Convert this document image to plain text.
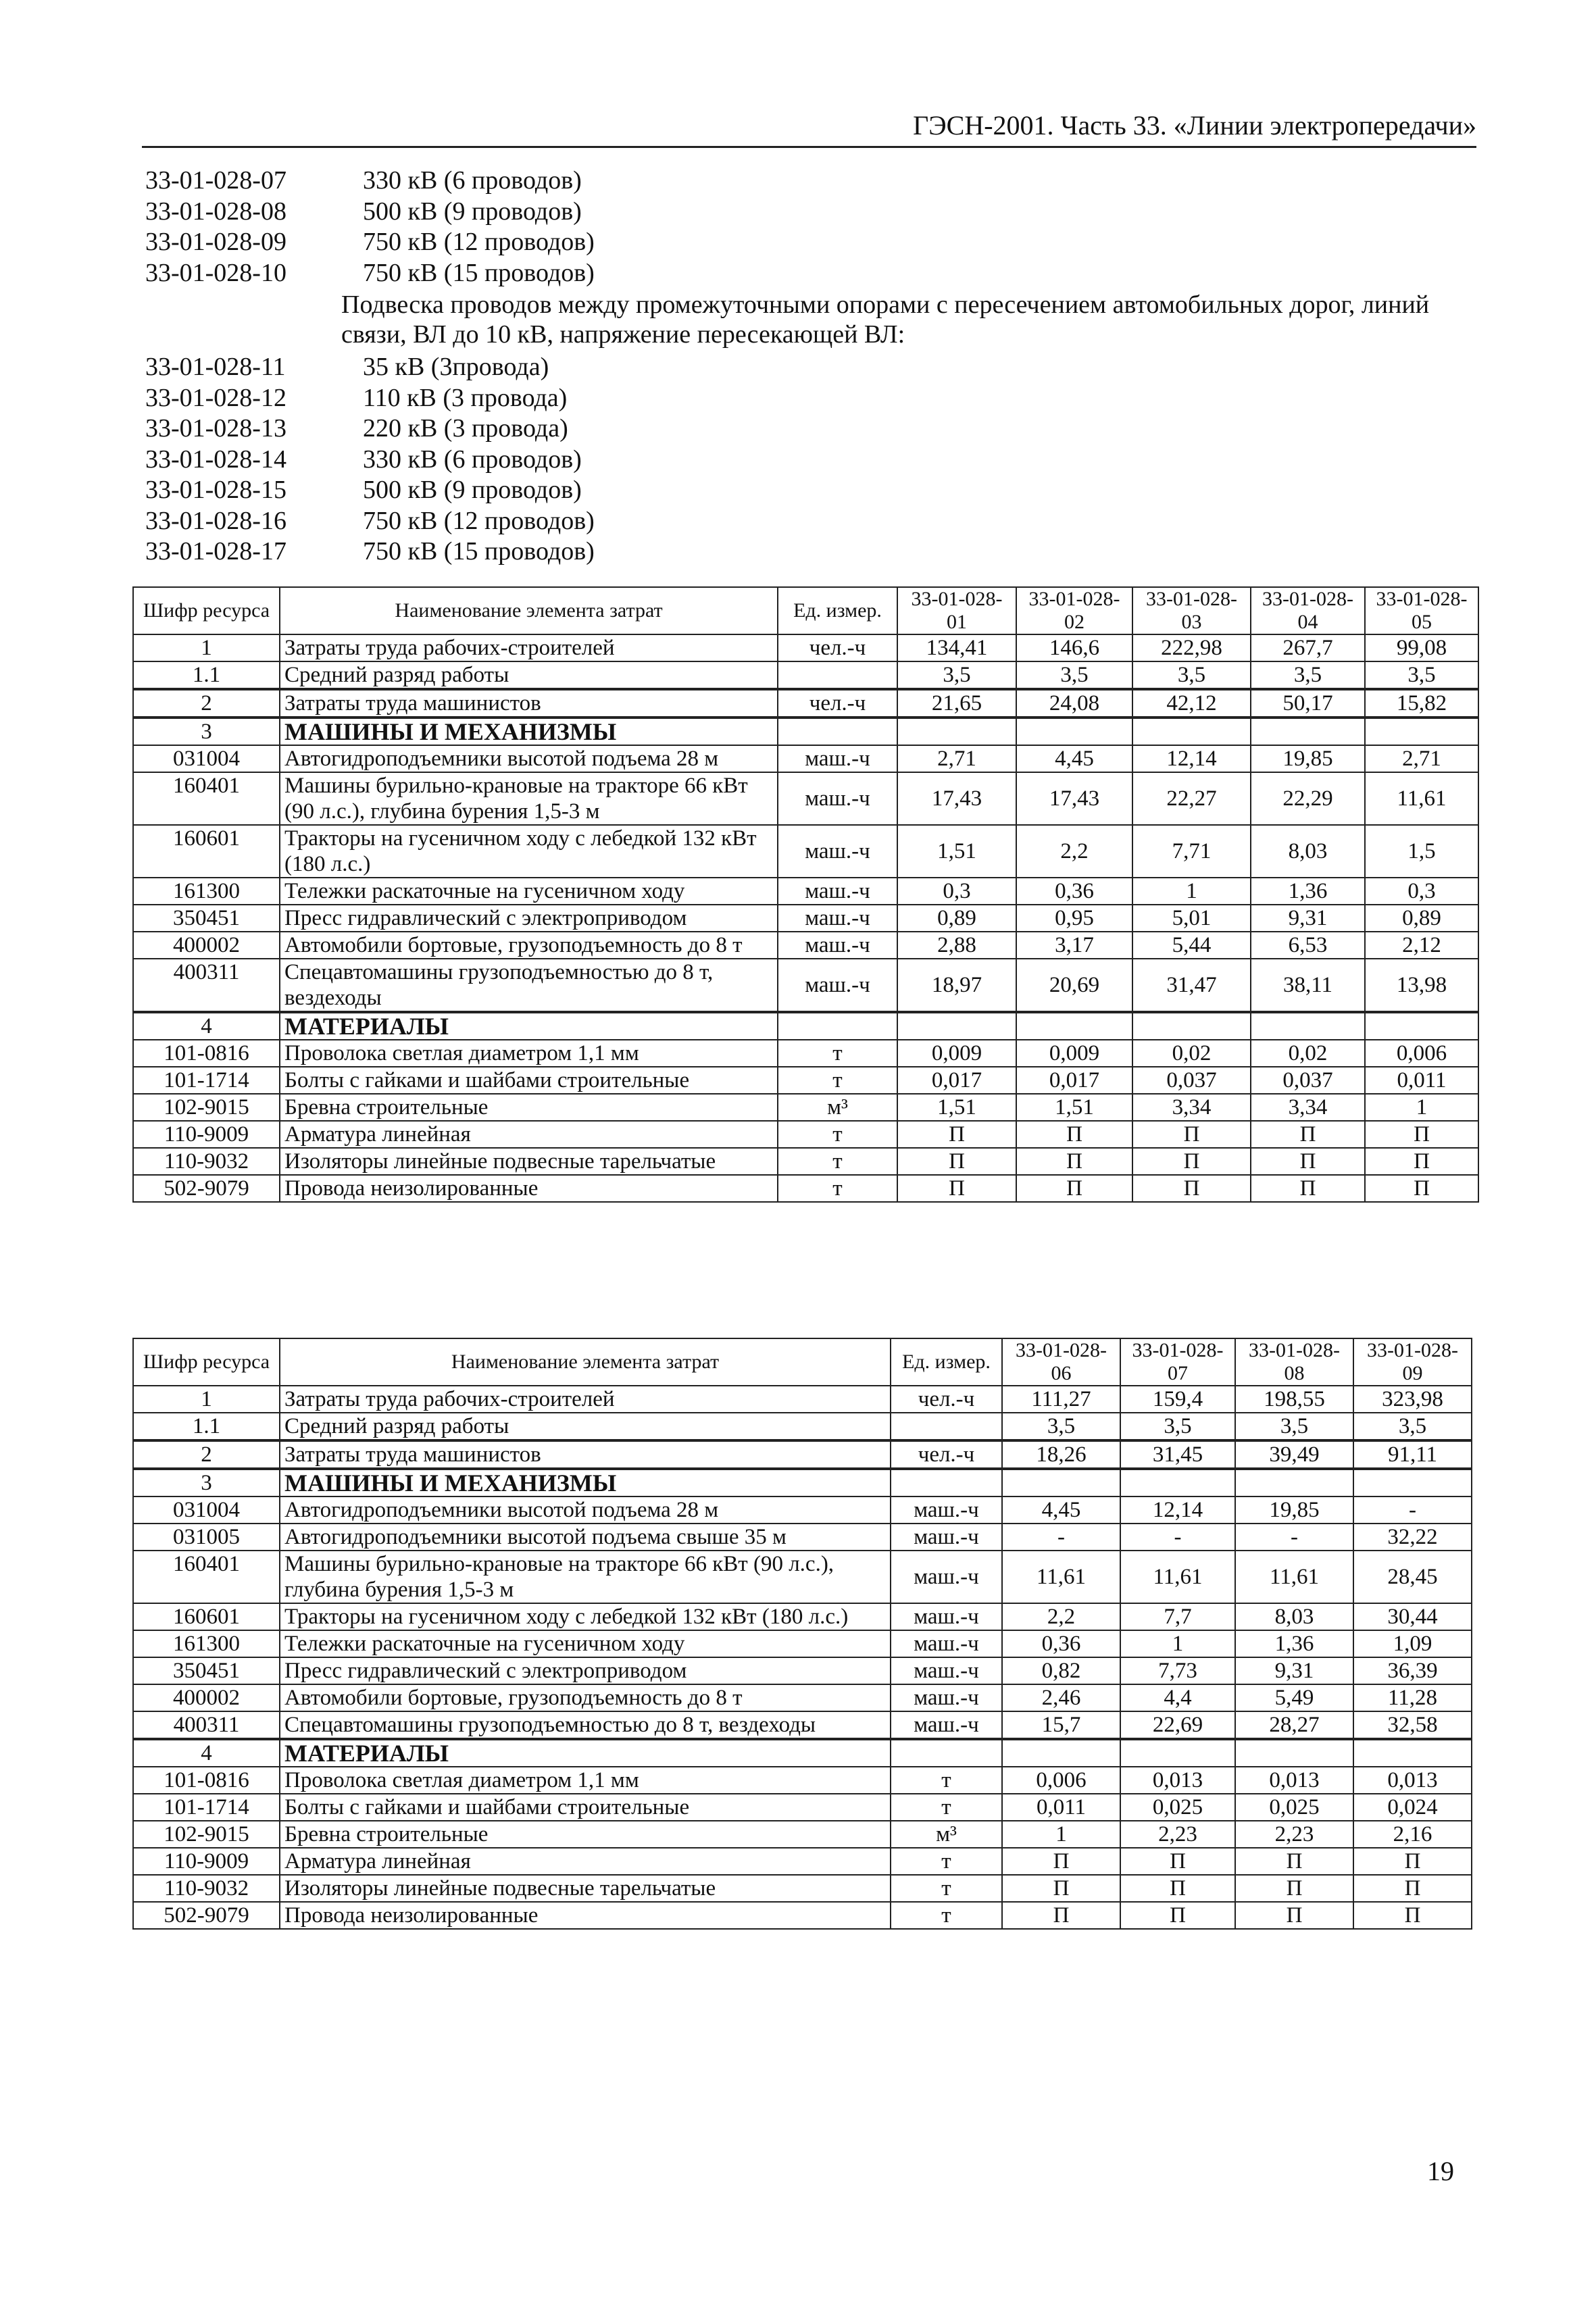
ГЭСН-2001. Часть 33. «Линии электропередачи»
33-01-028-07	330 кВ (6 проводов)
33-01-028-08	500 кВ (9 проводов)
33-01-028-09	750 кВ (12 проводов)
33-01-028-10	750 кВ (15 проводов)
Подвеска проводов между промежуточными опорами с пересечением автомобильных дорог, линий связи, ВЛ до 10 кВ, напряжение пересекающей ВЛ:
33-01-028-11	35 кВ (3провода)
33-01-028-12	110 кВ (3 провода)
33-01-028-13	220 кВ (3 провода)
33-01-028-14	330 кВ (6 проводов)
33-01-028-15	500 кВ (9 проводов)
33-01-028-16	750 кВ (12 проводов)
33-01-028-17	750 кВ (15 проводов)
Шифр ресурса	Наименование элемента затрат	Ед. измер.	33-01-028-01	33-01-028-02	33-01-028-03	33-01-028-04	33-01-028-05
1	Затраты труда рабочих-строителей	чел.-ч	134,41	146,6	222,98	267,7	99,08
1.1	Средний разряд работы		3,5	3,5	3,5	3,5	3,5
2	Затраты труда машинистов	чел.-ч	21,65	24,08	42,12	50,17	15,82
3	МАШИНЫ И МЕХАНИЗМЫ						
031004	Автогидроподъемники высотой подъема 28 м	маш.-ч	2,71	4,45	12,14	19,85	2,71
160401	Машины бурильно-крановые на тракторе 66 кВт (90 л.с.), глубина бурения 1,5-3 м	маш.-ч	17,43	17,43	22,27	22,29	11,61
160601	Тракторы на гусеничном ходу с лебедкой 132 кВт (180 л.с.)	маш.-ч	1,51	2,2	7,71	8,03	1,5
161300	Тележки раскаточные на гусеничном ходу	маш.-ч	0,3	0,36	1	1,36	0,3
350451	Пресс гидравлический с электроприводом	маш.-ч	0,89	0,95	5,01	9,31	0,89
400002	Автомобили бортовые, грузоподъемность до 8 т	маш.-ч	2,88	3,17	5,44	6,53	2,12
400311	Спецавтомашины грузоподъемностью до 8 т, вездеходы	маш.-ч	18,97	20,69	31,47	38,11	13,98
4	МАТЕРИАЛЫ						
101-0816	Проволока светлая диаметром 1,1 мм	т	0,009	0,009	0,02	0,02	0,006
101-1714	Болты с гайками и шайбами строительные	т	0,017	0,017	0,037	0,037	0,011
102-9015	Бревна строительные	м³	1,51	1,51	3,34	3,34	1
110-9009	Арматура линейная	т	П	П	П	П	П
110-9032	Изоляторы линейные подвесные тарельчатые	т	П	П	П	П	П
502-9079	Провода неизолированные	т	П	П	П	П	П
Шифр ресурса	Наименование элемента затрат	Ед. измер.	33-01-028-06	33-01-028-07	33-01-028-08	33-01-028-09
1	Затраты труда рабочих-строителей	чел.-ч	111,27	159,4	198,55	323,98
1.1	Средний разряд работы		3,5	3,5	3,5	3,5
2	Затраты труда машинистов	чел.-ч	18,26	31,45	39,49	91,11
3	МАШИНЫ И МЕХАНИЗМЫ					
031004	Автогидроподъемники высотой подъема 28 м	маш.-ч	4,45	12,14	19,85	-
031005	Автогидроподъемники высотой подъема свыше 35 м	маш.-ч	-	-	-	32,22
160401	Машины бурильно-крановые на тракторе 66 кВт (90 л.с.), глубина бурения 1,5-3 м	маш.-ч	11,61	11,61	11,61	28,45
160601	Тракторы на гусеничном ходу с лебедкой 132 кВт (180 л.с.)	маш.-ч	2,2	7,7	8,03	30,44
161300	Тележки раскаточные на гусеничном ходу	маш.-ч	0,36	1	1,36	1,09
350451	Пресс гидравлический с электроприводом	маш.-ч	0,82	7,73	9,31	36,39
400002	Автомобили бортовые, грузоподъемность до 8 т	маш.-ч	2,46	4,4	5,49	11,28
400311	Спецавтомашины грузоподъемностью до 8 т, вездеходы	маш.-ч	15,7	22,69	28,27	32,58
4	МАТЕРИАЛЫ					
101-0816	Проволока светлая диаметром 1,1 мм	т	0,006	0,013	0,013	0,013
101-1714	Болты с гайками и шайбами строительные	т	0,011	0,025	0,025	0,024
102-9015	Бревна строительные	м³	1	2,23	2,23	2,16
110-9009	Арматура линейная	т	П	П	П	П
110-9032	Изоляторы линейные подвесные тарельчатые	т	П	П	П	П
502-9079	Провода неизолированные	т	П	П	П	П
19
